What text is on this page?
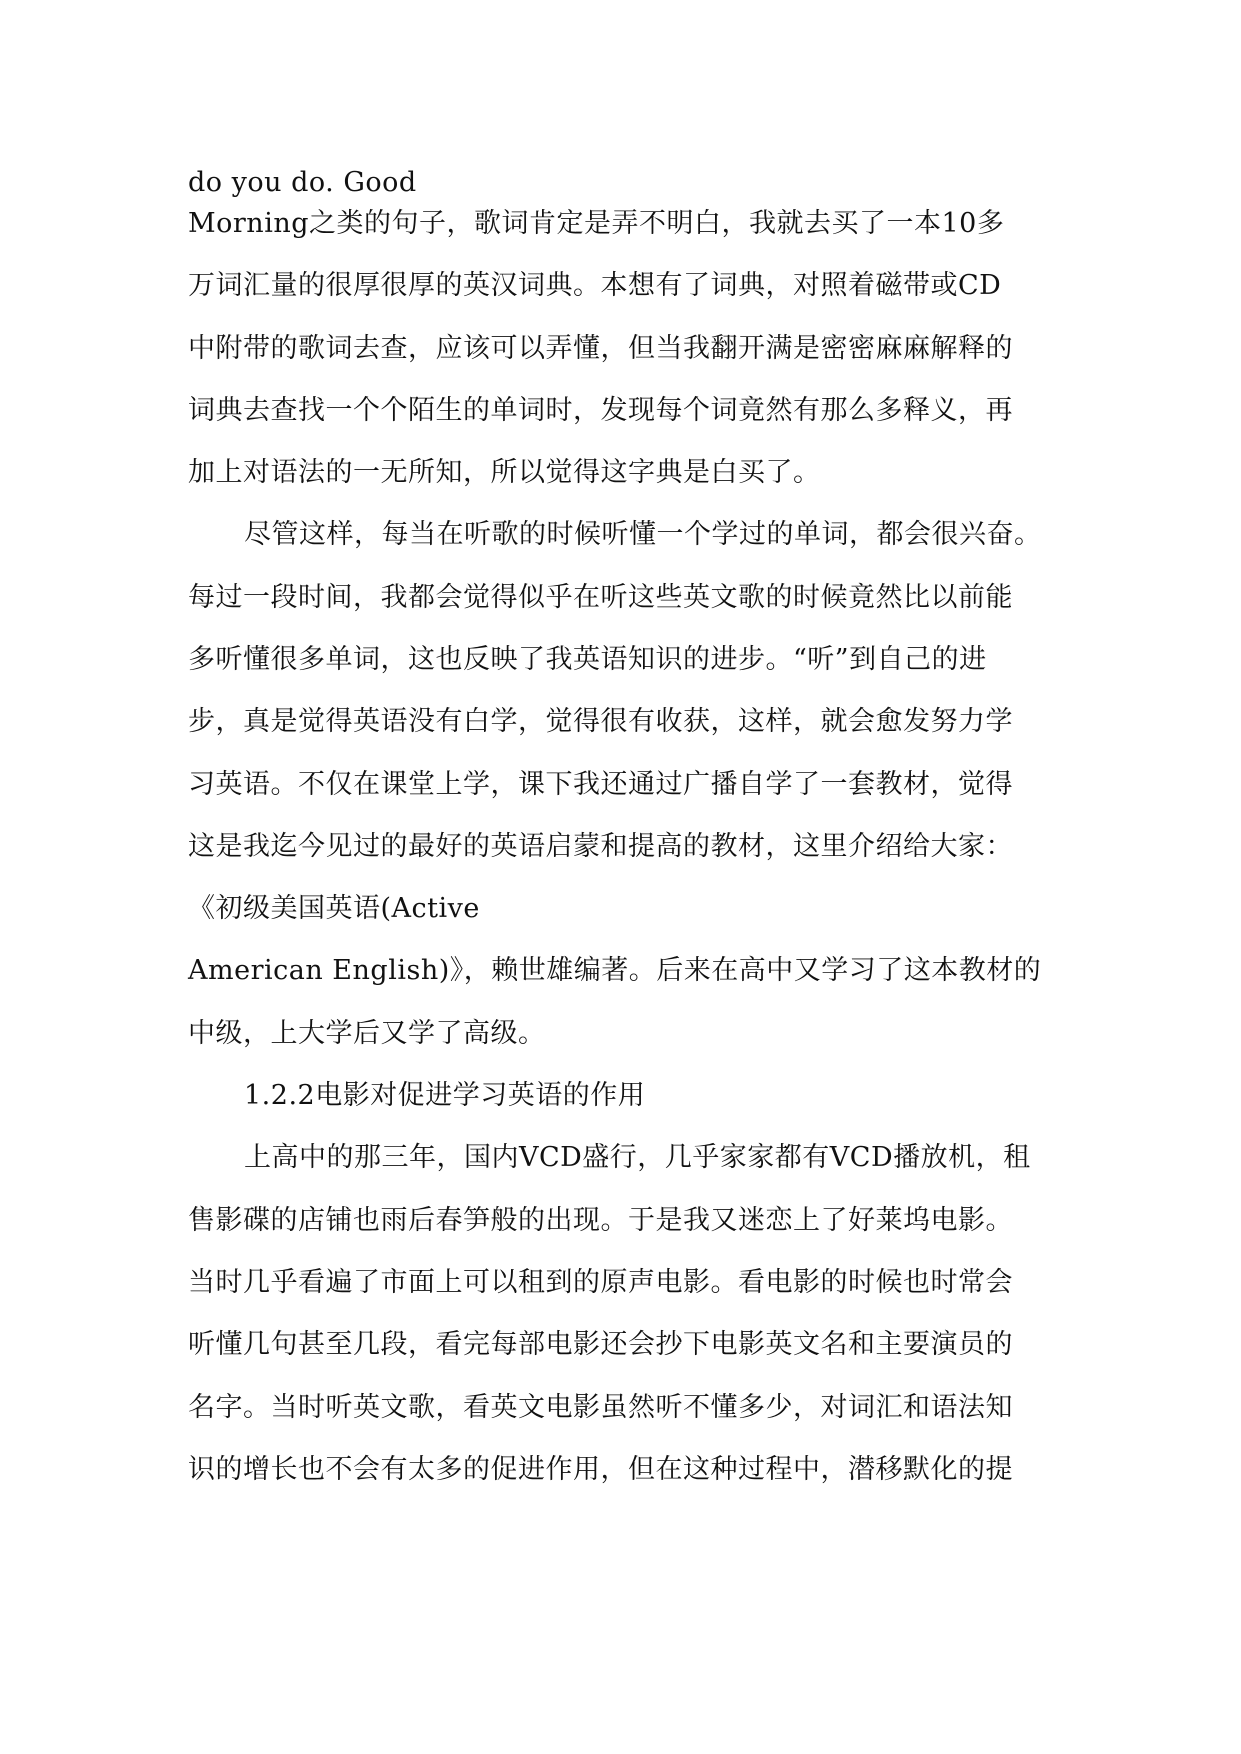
do you do. Good
Morning之类的句子，歌词肯定是弄不明白，我就去买了一本10多
万词汇量的很厚很厚的英汉词典。本想有了词典，对照着磁带或CD
中附带的歌词去查，应该可以弄懂，但当我翻开满是密密麻麻解释的
词典去查找一个个陌生的单词时，发现每个词竟然有那么多释义，再
加上对语法的一无所知，所以觉得这字典是白买了。
尽管这样，每当在听歌的时候听懂一个学过的单词，都会很兴奋。
每过一段时间，我都会觉得似乎在听这些英文歌的时候竟然比以前能
多听懂很多单词，这也反映了我英语知识的进步。“听”到自己的进
步，真是觉得英语没有白学，觉得很有收获，这样，就会愈发努力学
习英语。不仅在课堂上学，课下我还通过广播自学了一套教材，觉得
这是我迄今见过的最好的英语启蒙和提高的教材，这里介绍给大家：
《初级美国英语(Active
American English)》，赖世雄编著。后来在高中又学习了这本教材的
中级，上大学后又学了高级。
1.2.2电影对促进学习英语的作用
上高中的那三年，国内VCD盛行，几乎家家都有VCD播放机，租
售影碟的店铺也雨后春笋般的出现。于是我又迷恋上了好莱坞电影。
当时几乎看遍了市面上可以租到的原声电影。看电影的时候也时常会
听懂几句甚至几段，看完每部电影还会抄下电影英文名和主要演员的
名字。当时听英文歌，看英文电影虽然听不懂多少，对词汇和语法知
识的增长也不会有太多的促进作用，但在这种过程中，潜移默化的提
